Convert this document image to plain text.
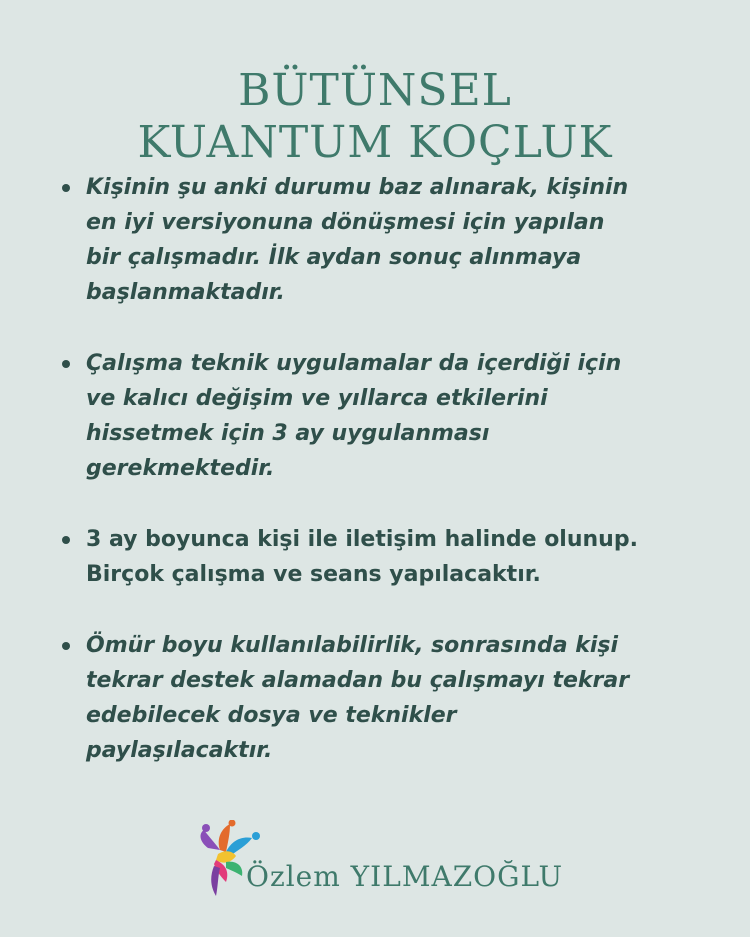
BÜTÜNSEL
KUANTUM KOÇLUK
Kişinin şu anki durumu baz alınarak, kişinin
en iyi versiyonuna dönüşmesi için yapılan
bir çalışmadır. İlk aydan sonuç alınmaya
başlanmaktadır.
Çalışma teknik uygulamalar da içerdiği için
ve kalıcı değişim ve yıllarca etkilerini
hissetmek için 3 ay uygulanması
gerekmektedir.
3 ay boyunca kişi ile iletişim halinde olunup.
Birçok çalışma ve seans yapılacaktır.
Ömür boyu kullanılabilirlik, sonrasında kişi
tekrar destek alamadan bu çalışmayı tekrar
edebilecek dosya ve teknikler
paylaşılacaktır.
Özlem YILMAZOĞLU
